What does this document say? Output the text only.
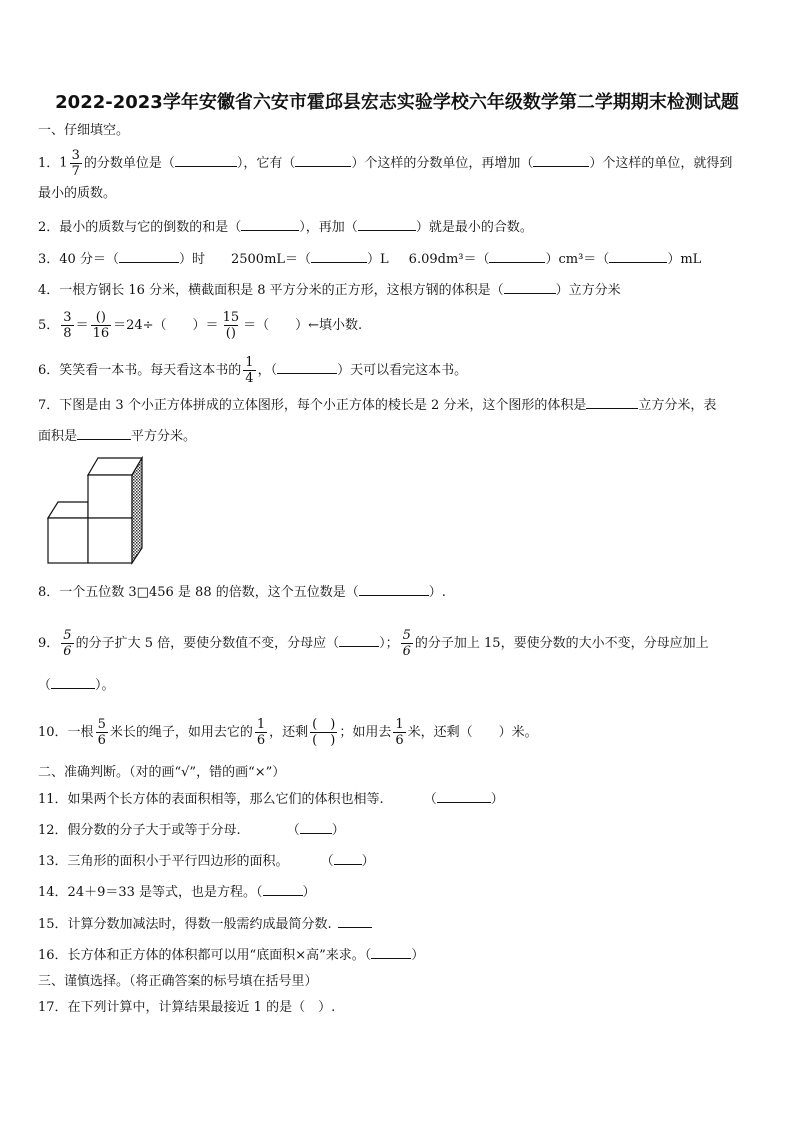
2022-2023学年安徽省六安市霍邱县宏志实验学校六年级数学第二学期期末检测试题
一、仔细填空。
1．$1 \frac{3}{7}$ 的分数单位是（	），它有（	）个这样的分数单位，再增加（	）个这样的单位，就得到
最小的质数。
2．最小的质数与它的倒数的和是（	），再加（	）就是最小的合数。
3．40 分＝（	）时 2500mL＝（	）L 6.09dm³＝（	）cm³＝（	）mL
4．一根方钢长 16 分米，横截面积是 8 平方分米的正方形，这根方钢的体积是（	）立方分米
5． $\frac{3}{8} = \frac{()}{16} =24\div$（　　）＝ $\frac{15}{()}$ ＝（　　）←填小数.
6．笑笑看一本书。每天看这本书的 $\frac{1}{4}$ ，（	）天可以看完这本书。
7．下图是由 3 个小正方体拼成的立体图形，每个小正方体的棱长是 2 分米，这个图形的体积是	立方分米，表
面积是	平方分米。
8．一个五位数 3□456 是 88 的倍数，这个五位数是（	）.
9． $\frac{5}{6}$ 的分子扩大 5 倍，要使分数值不变，分母应（	）； $\frac{5}{6}$ 的分子加上 15，要使分数的大小不变，分母应加上
（	）。
10．一根 $\frac{5}{6}$ 米长的绳子，如用去它的 $\frac{1}{6}$ ，还剩 $\frac{( )}{( )}$ ；如用去 $\frac{1}{6}$ 米，还剩（　　）米。
二、准确判断。（对的画“√”，错的画“×”）
11．如果两个长方体的表面积相等，那么它们的体积也相等.	（	）
12．假分数的分子大于或等于分母.	（ ）
13．三角形的面积小于平行四边形的面积。 （ ）
14．24＋9＝33 是等式，也是方程。（	）
15．计算分数加减法时，得数一般需约成最简分数.
16．长方体和正方体的体积都可以用“底面积×高”来求。（	）
三、谨慎选择。（将正确答案的标号填在括号里）
17．在下列计算中，计算结果最接近 1 的是（　）.
